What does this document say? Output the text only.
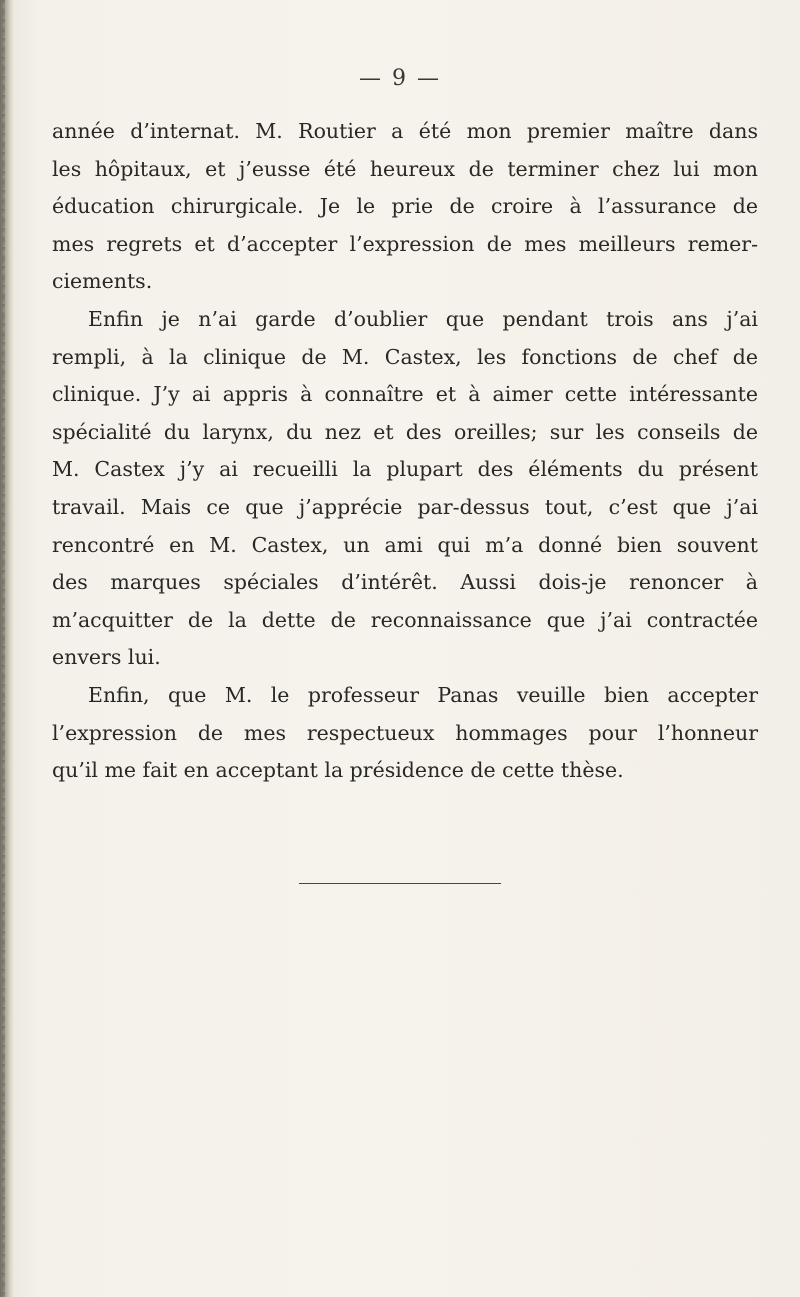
— 9 —
année d’internat. M. Routier a été mon premier maître dans
les hôpitaux, et j’eusse été heureux de terminer chez lui mon
éducation chirurgicale. Je le prie de croire à l’assurance de
mes regrets et d’accepter l’expression de mes meilleurs remer-
ciements.
Enfin je n’ai garde d’oublier que pendant trois ans j’ai
rempli, à la clinique de M. Castex, les fonctions de chef de
clinique. J’y ai appris à connaître et à aimer cette intéressante
spécialité du larynx, du nez et des oreilles; sur les conseils de
M. Castex j’y ai recueilli la plupart des éléments du présent
travail. Mais ce que j’apprécie par-dessus tout, c’est que j’ai
rencontré en M. Castex, un ami qui m’a donné bien souvent
des marques spéciales d’intérêt. Aussi dois-je renoncer à
m’acquitter de la dette de reconnaissance que j’ai contractée
envers lui.
Enfin, que M. le professeur Panas veuille bien accepter
l’expression de mes respectueux hommages pour l’honneur
qu’il me fait en acceptant la présidence de cette thèse.
